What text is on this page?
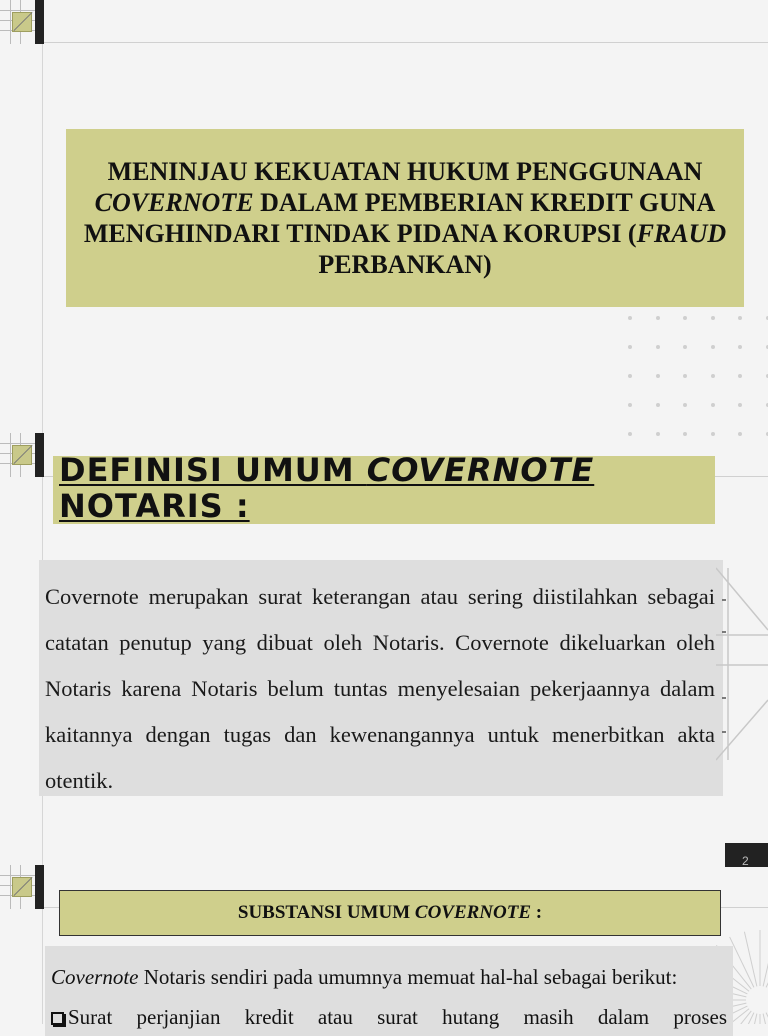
MENINJAU KEKUATAN HUKUM PENGGUNAAN COVERNOTE DALAM PEMBERIAN KREDIT GUNA MENGHINDARI TINDAK PIDANA KORUPSI (FRAUD PERBANKAN)
DEFINISI UMUM COVERNOTE NOTARIS :
Covernote merupakan surat keterangan atau sering diistilahkan sebagai catatan penutup yang dibuat oleh Notaris. Covernote dikeluarkan oleh Notaris karena Notaris belum tuntas menyelesaian pekerjaannya dalam kaitannya dengan tugas dan kewenangannya untuk menerbitkan akta otentik.
2
SUBSTANSI UMUM COVERNOTE :
Covernote Notaris sendiri pada umumnya memuat hal-hal sebagai berikut:
Surat perjanjian kredit atau surat hutang masih dalam proses
